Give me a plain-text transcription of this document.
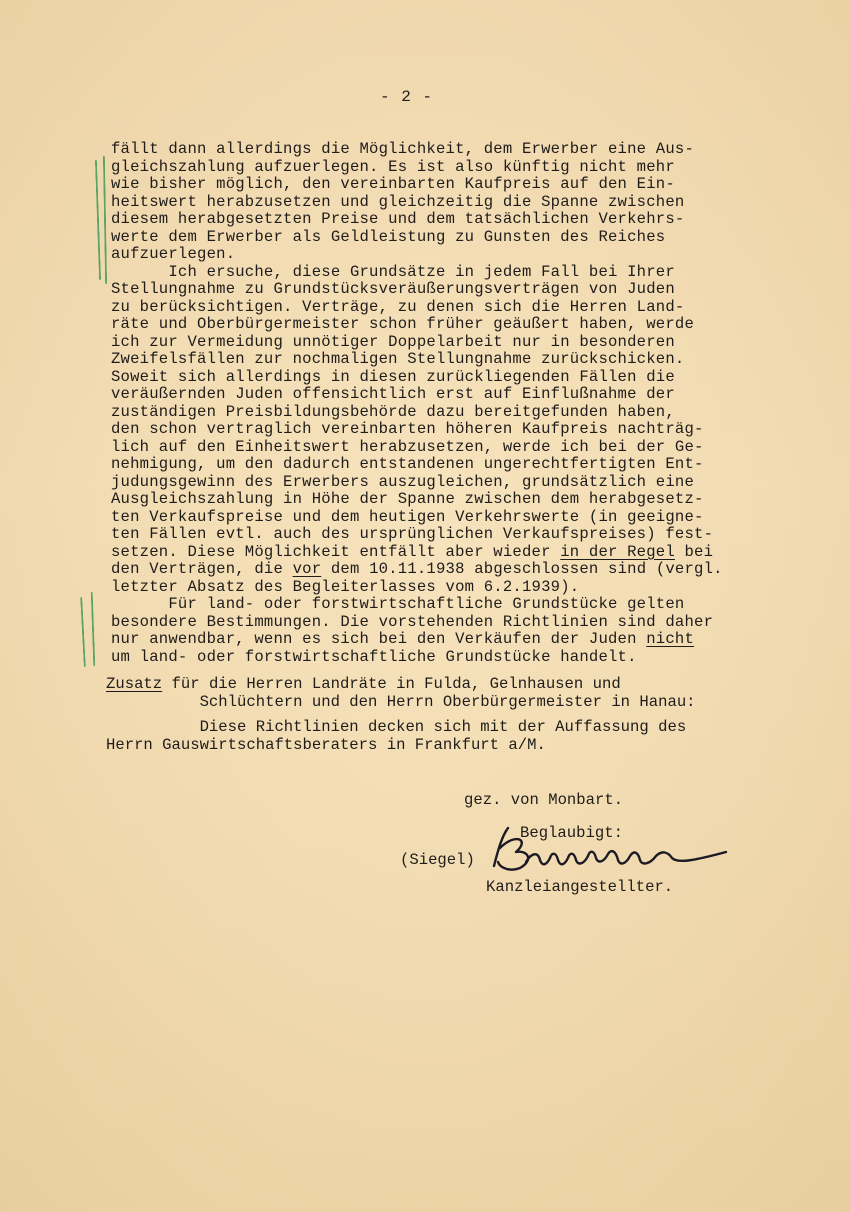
- 2 -
fällt dann allerdings die Möglichkeit, dem Erwerber eine Aus-
gleichszahlung aufzuerlegen. Es ist also künftig nicht mehr
wie bisher möglich, den vereinbarten Kaufpreis auf den Ein-
heitswert herabzusetzen und gleichzeitig die Spanne zwischen
diesem herabgesetzten Preise und dem tatsächlichen Verkehrs-
werte dem Erwerber als Geldleistung zu Gunsten des Reiches
aufzuerlegen.
Ich ersuche, diese Grundsätze in jedem Fall bei Ihrer
Stellungnahme zu Grundstücksveräußerungsverträgen von Juden
zu berücksichtigen. Verträge, zu denen sich die Herren Land-
räte und Oberbürgermeister schon früher geäußert haben, werde
ich zur Vermeidung unnötiger Doppelarbeit nur in besonderen
Zweifelsfällen zur nochmaligen Stellungnahme zurückschicken.
Soweit sich allerdings in diesen zurückliegenden Fällen die
veräußernden Juden offensichtlich erst auf Einflußnahme der
zuständigen Preisbildungsbehörde dazu bereitgefunden haben,
den schon vertraglich vereinbarten höheren Kaufpreis nachträg-
lich auf den Einheitswert herabzusetzen, werde ich bei der Ge-
nehmigung, um den dadurch entstandenen ungerechtfertigten Ent-
judungsgewinn des Erwerbers auszugleichen, grundsätzlich eine
Ausgleichszahlung in Höhe der Spanne zwischen dem herabgesetz-
ten Verkaufspreise und dem heutigen Verkehrswerte (in geeigne-
ten Fällen evtl. auch des ursprünglichen Verkaufspreises) fest-
setzen. Diese Möglichkeit entfällt aber wieder in der Regel bei
den Verträgen, die vor dem 10.11.1938 abgeschlossen sind (vergl.
letzter Absatz des Begleiterlasses vom 6.2.1939).
Für land- oder forstwirtschaftliche Grundstücke gelten
besondere Bestimmungen. Die vorstehenden Richtlinien sind daher
nur anwendbar, wenn es sich bei den Verkäufen der Juden nicht
um land- oder forstwirtschaftliche Grundstücke handelt.
Zusatz für die Herren Landräte in Fulda, Gelnhausen und
Schlüchtern und den Herrn Oberbürgermeister in Hanau:
Diese Richtlinien decken sich mit der Auffassung des
Herrn Gauswirtschaftsberaters in Frankfurt a/M.
gez. von Monbart.
Beglaubigt:
(Siegel)
Kanzleiangestellter.
